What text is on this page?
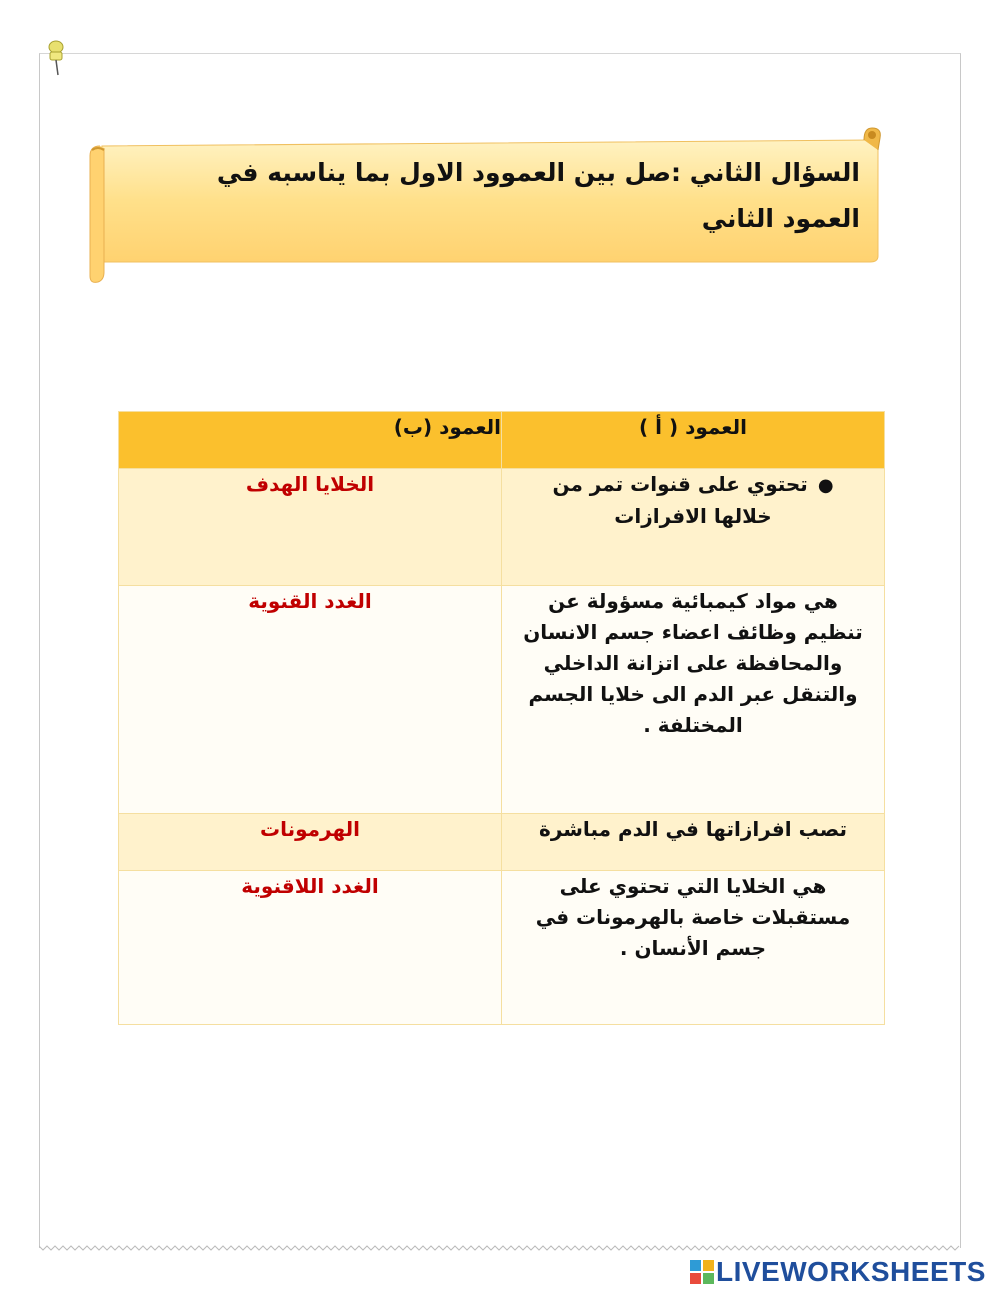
السؤال الثاني :صل بين العموود الاول بما يناسبه في
العمود الثاني
العمود ( أ )	العمود (ب)

●تحتوي على قنوات تمر من
خلالها الافرازات	الخلايا الهدف

هي مواد كيمبائية مسؤولة عن
تنظيم وظائف اعضاء جسم الانسان
والمحافظة على اتزانة الداخلي
والتنقل عبر الدم الى خلايا الجسم
المختلفة .	الغدد القنوية

تصب افرازاتها في الدم مباشرة	الهرمونات

هي الخلايا التي تحتوي على
مستقبلات خاصة بالهرمونات في
جسم الأنسان .	الغدد اللاقنوية
LIVEWORKSHEETS
